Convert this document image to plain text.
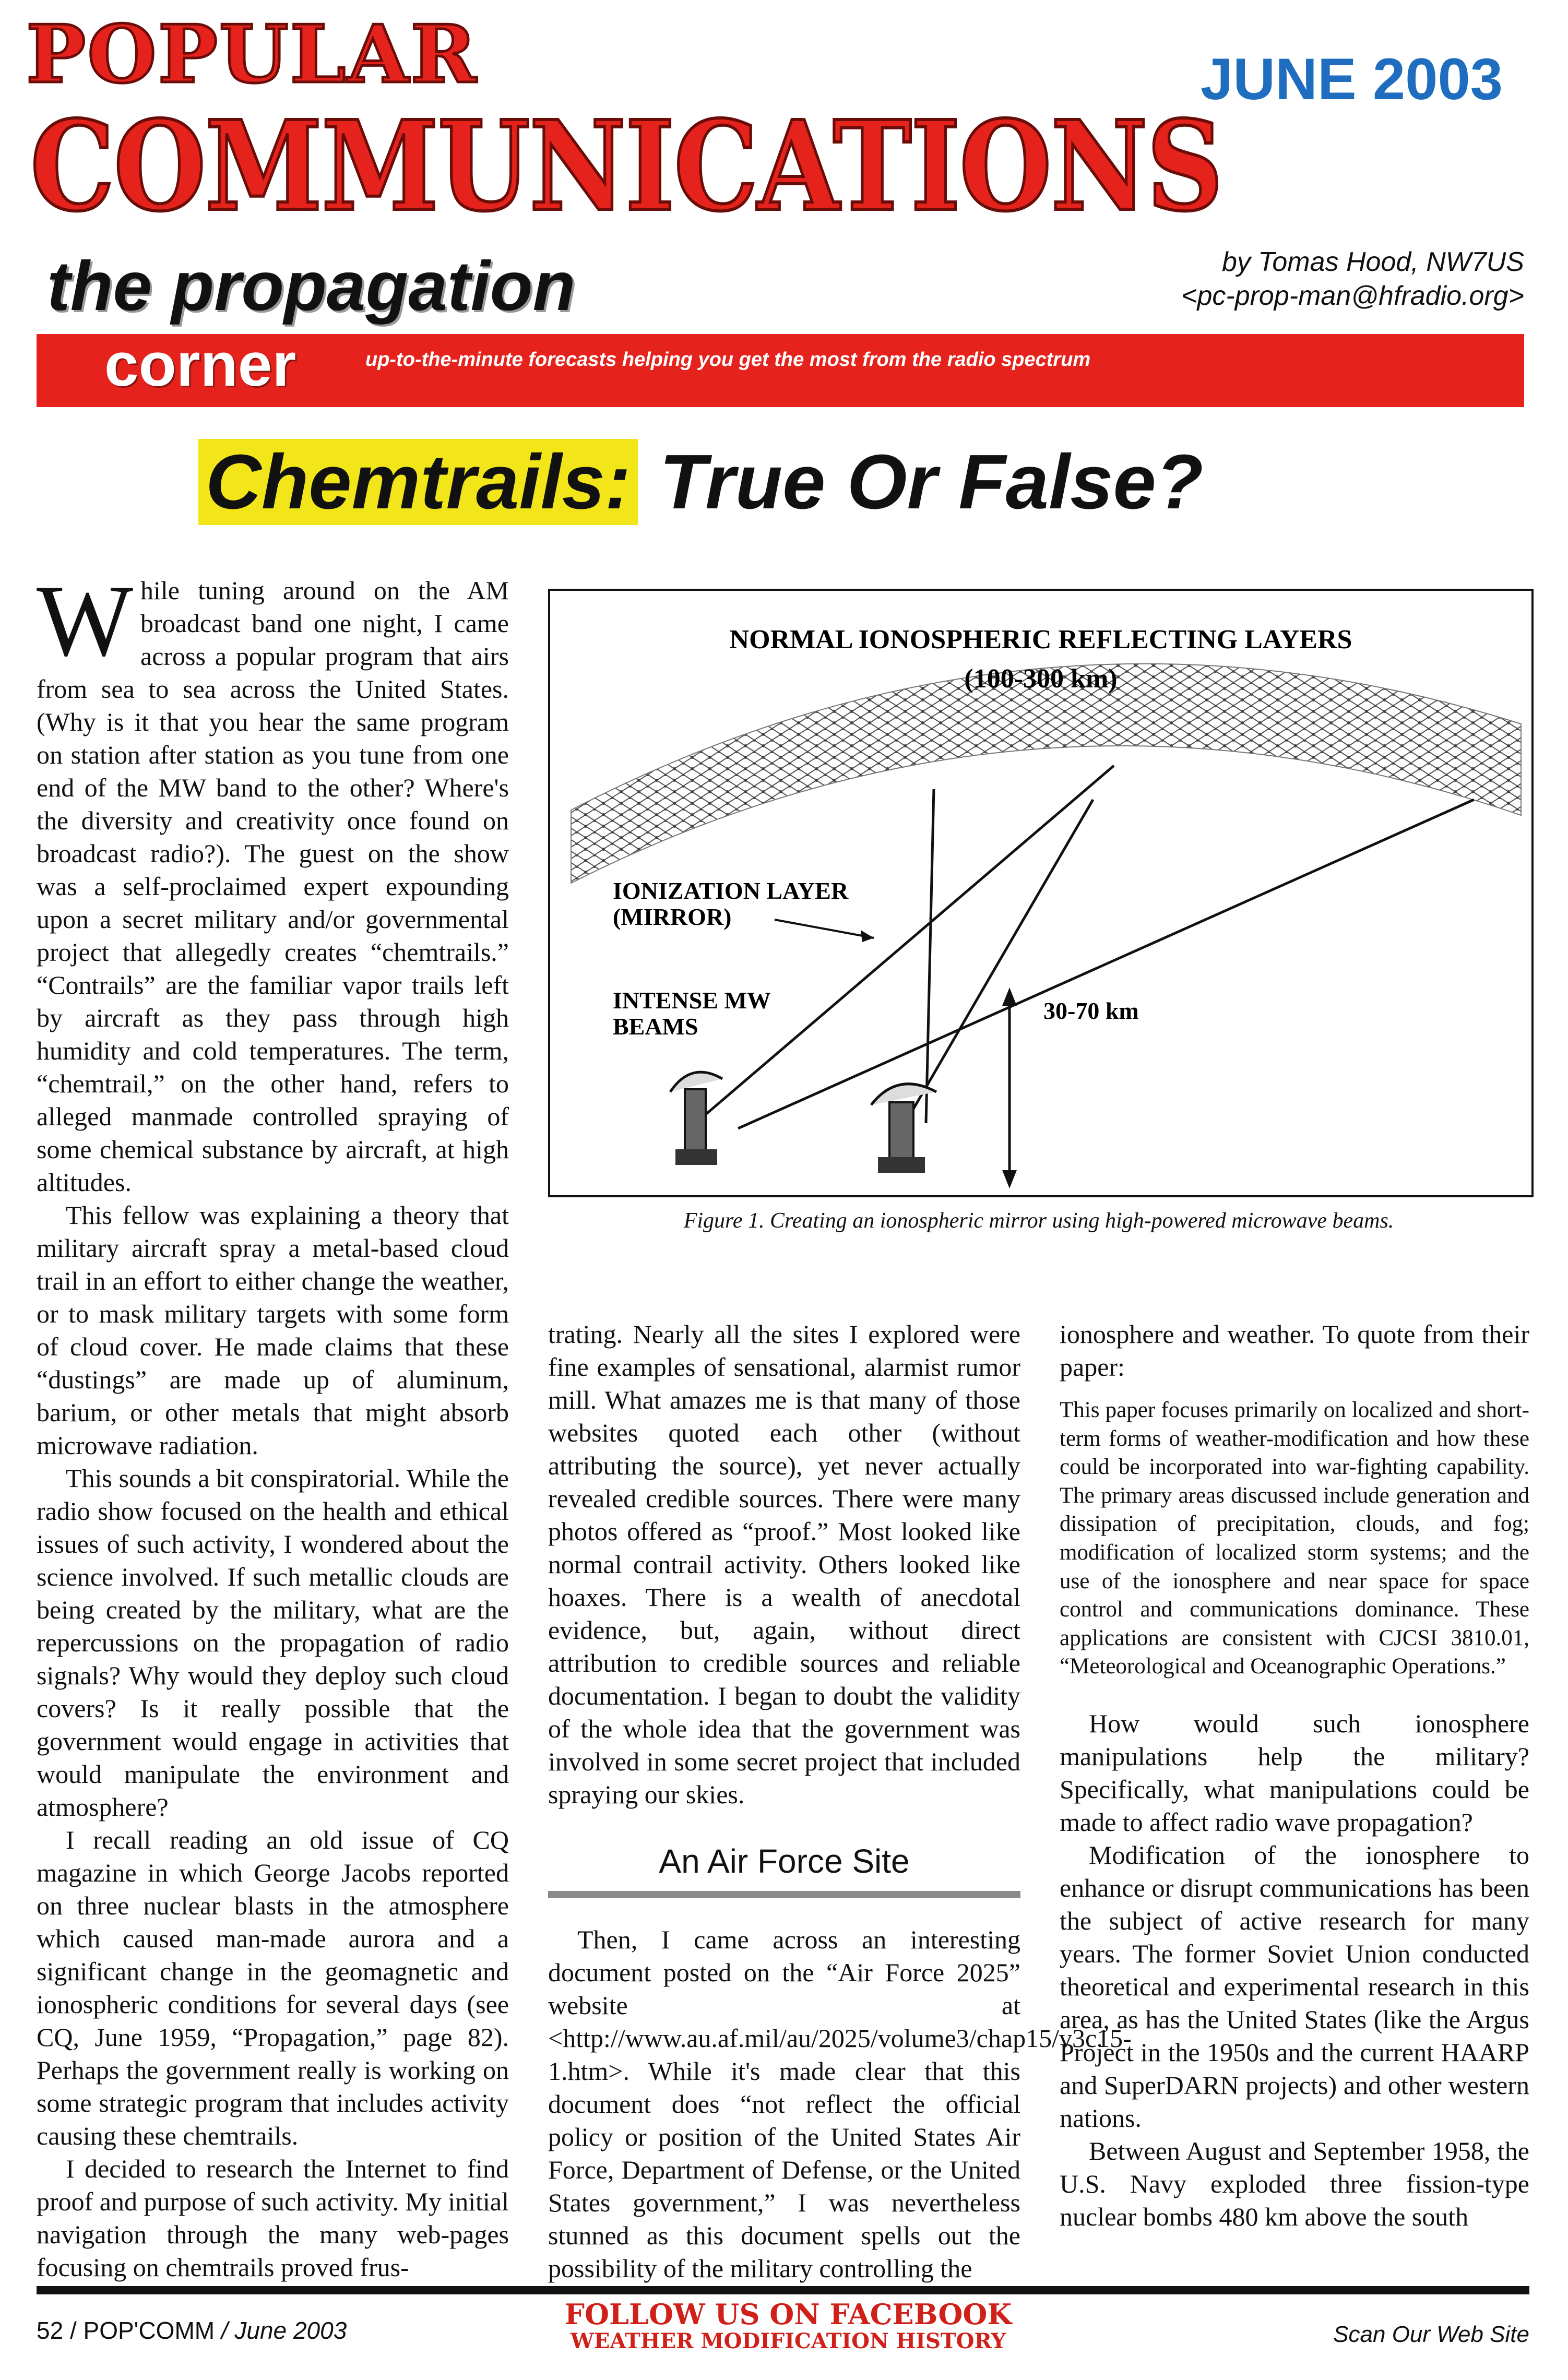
POPULAR
COMMUNICATIONS
JUNE 2003
the propagation	by Tomas Hood, NW7US
<pc-prop-man@hfradio.org>
corner	up-to-the-minute forecasts helping you get the most from the radio spectrum
Chemtrails: True Or False?

While tuning around on the AM broadcast band one night, I came across a popular program that airs from sea to sea across the United States. (Why is it that you hear the same program on station after station as you tune from one end of the MW band to the other? Where's the diversity and creativity once found on broadcast radio?). The guest on the show was a self-proclaimed expert expounding upon a secret military and/or governmental project that allegedly creates “chemtrails.” “Contrails” are the familiar vapor trails left by aircraft as they pass through high humidity and cold temperatures. The term, “chemtrail,” on the other hand, refers to alleged manmade controlled spraying of some chemical substance by aircraft, at high altitudes.

This fellow was explaining a theory that military aircraft spray a metal-based cloud trail in an effort to either change the weather, or to mask military targets with some form of cloud cover. He made claims that these “dustings” are made up of aluminum, barium, or other metals that might absorb microwave radiation.

This sounds a bit conspiratorial. While the radio show focused on the health and ethical issues of such activity, I wondered about the science involved. If such metallic clouds are being created by the military, what are the repercussions on the propagation of radio signals? Why would they deploy such cloud covers? Is it really possible that the government would engage in activities that would manipulate the environment and atmosphere?

I recall reading an old issue of CQ magazine in which George Jacobs reported on three nuclear blasts in the atmosphere which caused man-made aurora and a significant change in the geomagnetic and ionospheric conditions for several days (see CQ, June 1959, “Propagation,” page 82). Perhaps the government really is working on some strategic program that includes activity causing these chemtrails.

I decided to research the Internet to find proof and purpose of such activity. My initial navigation through the many web-pages focusing on chemtrails proved frus-

NORMAL IONOSPHERIC REFLECTING LAYERS
(100-300 km)
IONIZATION LAYER
(MIRROR)
INTENSE MW
BEAMS
30-70 km
Figure 1. Creating an ionospheric mirror using high-powered microwave beams.

trating. Nearly all the sites I explored were fine examples of sensational, alarmist rumor mill. What amazes me is that many of those websites quoted each other (without attributing the source), yet never actually revealed credible sources. There were many photos offered as “proof.” Most looked like normal contrail activity. Others looked like hoaxes. There is a wealth of anecdotal evidence, but, again, without direct attribution to credible sources and reliable documentation. I began to doubt the validity of the whole idea that the government was involved in some secret project that included spraying our skies.

An Air Force Site

Then, I came across an interesting document posted on the “Air Force 2025” website at <http://www.au.af.mil/au/2025/volume3/chap15/v3c15-1.htm>. While it's made clear that this document does “not reflect the official policy or position of the United States Air Force, Department of Defense, or the United States government,” I was nevertheless stunned as this document spells out the possibility of the military controlling the

ionosphere and weather. To quote from their paper:

This paper focuses primarily on localized and short-term forms of weather-modification and how these could be incorporated into war-fighting capability. The primary areas discussed include generation and dissipation of precipitation, clouds, and fog; modification of localized storm systems; and the use of the ionosphere and near space for space control and communications dominance. These applications are consistent with CJCSI 3810.01, “Meteorological and Oceanographic Operations.”

How would such ionosphere manipulations help the military? Specifically, what manipulations could be made to affect radio wave propagation?

Modification of the ionosphere to enhance or disrupt communications has been the subject of active research for many years. The former Soviet Union conducted theoretical and experimental research in this area, as has the United States (like the Argus Project in the 1950s and the current HAARP and SuperDARN projects) and other western nations.

Between August and September 1958, the U.S. Navy exploded three fission-type nuclear bombs 480 km above the south

52 / POP'COMM / June 2003	FOLLOW US ON FACEBOOK
WEATHER MODIFICATION HISTORY	Scan Our Web Site
